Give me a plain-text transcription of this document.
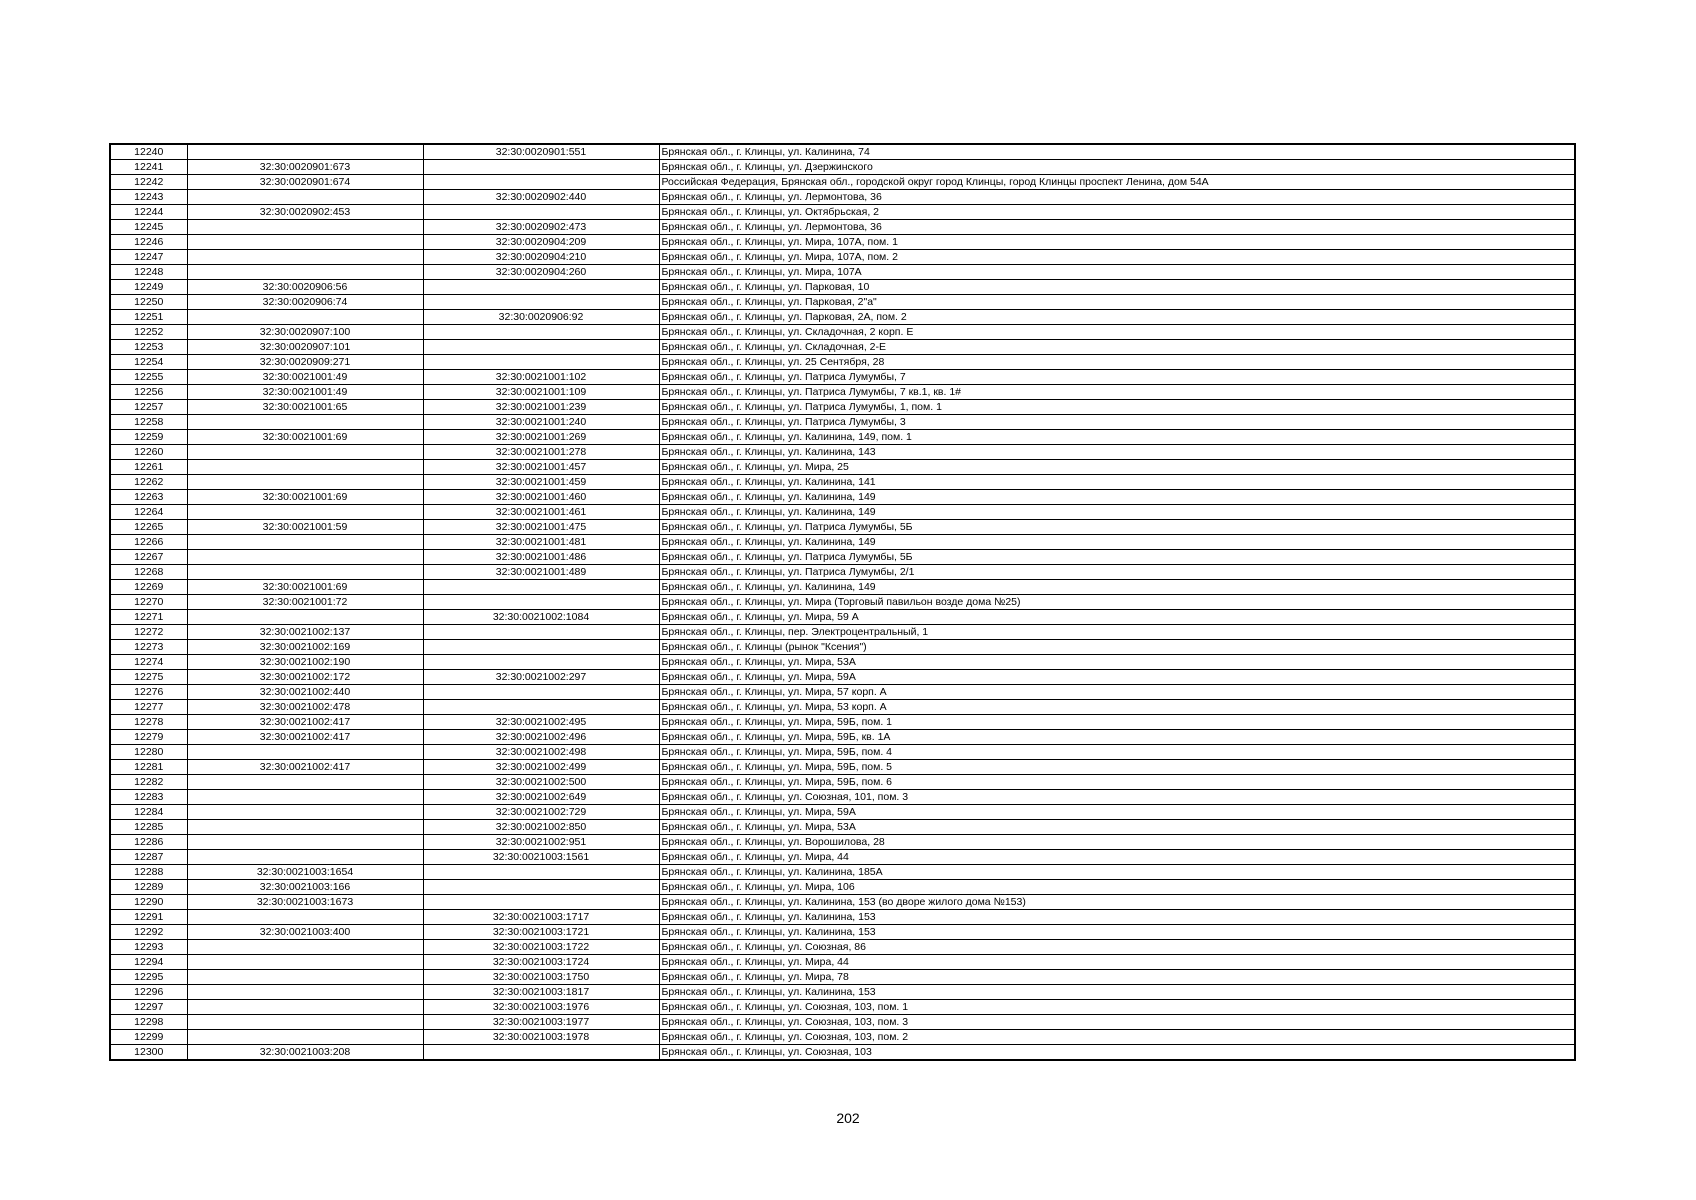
12240		32:30:0020901:551	Брянская обл., г. Клинцы, ул. Калинина, 74
12241	32:30:0020901:673		Брянская обл., г. Клинцы, ул. Дзержинского
12242	32:30:0020901:674		Российская Федерация, Брянская обл., городской округ город Клинцы, город Клинцы проспект Ленина, дом 54А
12243		32:30:0020902:440	Брянская обл., г. Клинцы, ул. Лермонтова, 36
12244	32:30:0020902:453		Брянская обл., г. Клинцы, ул. Октябрьская, 2
12245		32:30:0020902:473	Брянская обл., г. Клинцы, ул. Лермонтова, 36
12246		32:30:0020904:209	Брянская обл., г. Клинцы, ул. Мира, 107А, пом. 1
12247		32:30:0020904:210	Брянская обл., г. Клинцы, ул. Мира, 107А, пом. 2
12248		32:30:0020904:260	Брянская обл., г. Клинцы, ул. Мира, 107А
12249	32:30:0020906:56		Брянская обл., г. Клинцы, ул. Парковая, 10
12250	32:30:0020906:74		Брянская обл., г. Клинцы, ул. Парковая, 2"а"
12251		32:30:0020906:92	Брянская обл., г. Клинцы, ул. Парковая, 2А, пом. 2
12252	32:30:0020907:100		Брянская обл., г. Клинцы, ул. Складочная, 2 корп. Е
12253	32:30:0020907:101		Брянская обл., г. Клинцы, ул. Складочная, 2-Е
12254	32:30:0020909:271		Брянская обл., г. Клинцы, ул. 25 Сентября, 28
12255	32:30:0021001:49	32:30:0021001:102	Брянская обл., г. Клинцы, ул. Патриса Лумумбы, 7
12256	32:30:0021001:49	32:30:0021001:109	Брянская обл., г. Клинцы, ул. Патриса Лумумбы, 7 кв.1, кв. 1#
12257	32:30:0021001:65	32:30:0021001:239	Брянская обл., г. Клинцы, ул. Патриса Лумумбы, 1, пом. 1
12258		32:30:0021001:240	Брянская обл., г. Клинцы, ул. Патриса Лумумбы, 3
12259	32:30:0021001:69	32:30:0021001:269	Брянская обл., г. Клинцы, ул. Калинина, 149, пом. 1
12260		32:30:0021001:278	Брянская обл., г. Клинцы, ул. Калинина, 143
12261		32:30:0021001:457	Брянская обл., г. Клинцы, ул. Мира, 25
12262		32:30:0021001:459	Брянская обл., г. Клинцы, ул. Калинина, 141
12263	32:30:0021001:69	32:30:0021001:460	Брянская обл., г. Клинцы, ул. Калинина, 149
12264		32:30:0021001:461	Брянская обл., г. Клинцы, ул. Калинина, 149
12265	32:30:0021001:59	32:30:0021001:475	Брянская обл., г. Клинцы, ул. Патриса Лумумбы, 5Б
12266		32:30:0021001:481	Брянская обл., г. Клинцы, ул. Калинина, 149
12267		32:30:0021001:486	Брянская обл., г. Клинцы, ул. Патриса Лумумбы, 5Б
12268		32:30:0021001:489	Брянская обл., г. Клинцы, ул. Патриса Лумумбы, 2/1
12269	32:30:0021001:69		Брянская обл., г. Клинцы, ул. Калинина, 149
12270	32:30:0021001:72		Брянская обл., г. Клинцы, ул. Мира (Торговый павильон возде дома №25)
12271		32:30:0021002:1084	Брянская обл., г. Клинцы, ул. Мира, 59 А
12272	32:30:0021002:137		Брянская обл., г. Клинцы, пер. Электроцентральный, 1
12273	32:30:0021002:169		Брянская обл., г. Клинцы (рынок "Ксения")
12274	32:30:0021002:190		Брянская обл., г. Клинцы, ул. Мира, 53А
12275	32:30:0021002:172	32:30:0021002:297	Брянская обл., г. Клинцы, ул. Мира, 59А
12276	32:30:0021002:440		Брянская обл., г. Клинцы, ул. Мира, 57 корп. А
12277	32:30:0021002:478		Брянская обл., г. Клинцы, ул. Мира, 53 корп. А
12278	32:30:0021002:417	32:30:0021002:495	Брянская обл., г. Клинцы, ул. Мира, 59Б, пом. 1
12279	32:30:0021002:417	32:30:0021002:496	Брянская обл., г. Клинцы, ул. Мира, 59Б, кв. 1А
12280		32:30:0021002:498	Брянская обл., г. Клинцы, ул. Мира, 59Б, пом. 4
12281	32:30:0021002:417	32:30:0021002:499	Брянская обл., г. Клинцы, ул. Мира, 59Б, пом. 5
12282		32:30:0021002:500	Брянская обл., г. Клинцы, ул. Мира, 59Б, пом. 6
12283		32:30:0021002:649	Брянская обл., г. Клинцы, ул. Союзная, 101, пом. 3
12284		32:30:0021002:729	Брянская обл., г. Клинцы, ул. Мира, 59А
12285		32:30:0021002:850	Брянская обл., г. Клинцы, ул. Мира, 53А
12286		32:30:0021002:951	Брянская обл., г. Клинцы, ул. Ворошилова, 28
12287		32:30:0021003:1561	Брянская обл., г. Клинцы, ул. Мира, 44
12288	32:30:0021003:1654		Брянская обл., г. Клинцы, ул. Калинина, 185А
12289	32:30:0021003:166		Брянская обл., г. Клинцы, ул. Мира, 106
12290	32:30:0021003:1673		Брянская обл., г. Клинцы, ул. Калинина, 153 (во дворе жилого дома №153)
12291		32:30:0021003:1717	Брянская обл., г. Клинцы, ул. Калинина, 153
12292	32:30:0021003:400	32:30:0021003:1721	Брянская обл., г. Клинцы, ул. Калинина, 153
12293		32:30:0021003:1722	Брянская обл., г. Клинцы, ул. Союзная, 86
12294		32:30:0021003:1724	Брянская обл., г. Клинцы, ул. Мира, 44
12295		32:30:0021003:1750	Брянская обл., г. Клинцы, ул. Мира, 78
12296		32:30:0021003:1817	Брянская обл., г. Клинцы, ул. Калинина, 153
12297		32:30:0021003:1976	Брянская обл., г. Клинцы, ул. Союзная, 103, пом. 1
12298		32:30:0021003:1977	Брянская обл., г. Клинцы, ул. Союзная, 103, пом. 3
12299		32:30:0021003:1978	Брянская обл., г. Клинцы, ул. Союзная, 103, пом. 2
12300	32:30:0021003:208		Брянская обл., г. Клинцы, ул. Союзная, 103
202
